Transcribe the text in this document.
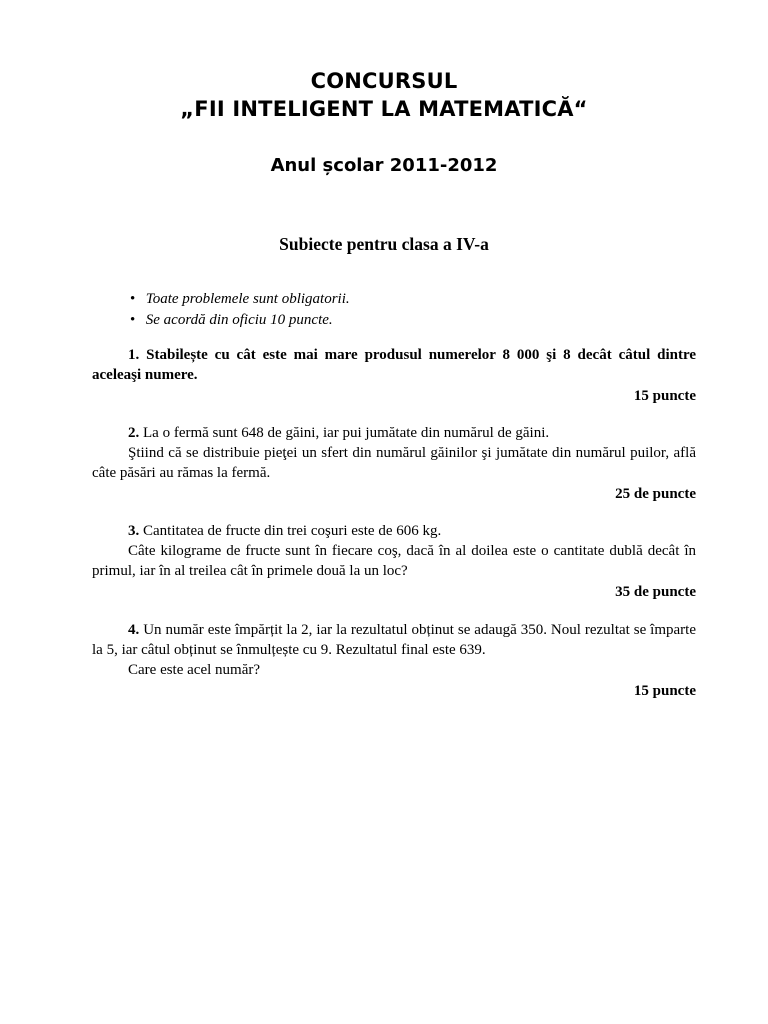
CONCURSUL
„FII INTELIGENT LA MATEMATICĂ“
Anul școlar 2011-2012
Subiecte pentru clasa a IV-a
• Toate problemele sunt obligatorii.
• Se acordă din oficiu 10 puncte.

1. Stabilește cu cât este mai mare produsul numerelor 8 000 şi 8 decât câtul dintre aceleaşi numere.

15 puncte

2. La o fermă sunt 648 de găini, iar pui jumătate din numărul de găini.

Ştiind că se distribuie pieţei un sfert din numărul găinilor şi jumătate din numărul puilor, află câte păsări au rămas la fermă.

25 de puncte

3. Cantitatea de fructe din trei coşuri este de 606 kg.

Câte kilograme de fructe sunt în fiecare coş, dacă în al doilea este o cantitate dublă decât în primul, iar în al treilea cât în primele două la un loc?

35 de puncte

4. Un număr este împărțit la 2, iar la rezultatul obținut se adaugă 350. Noul rezultat se împarte la 5, iar câtul obținut se înmulțește cu 9. Rezultatul final este 639.

Care este acel număr?

15 puncte
